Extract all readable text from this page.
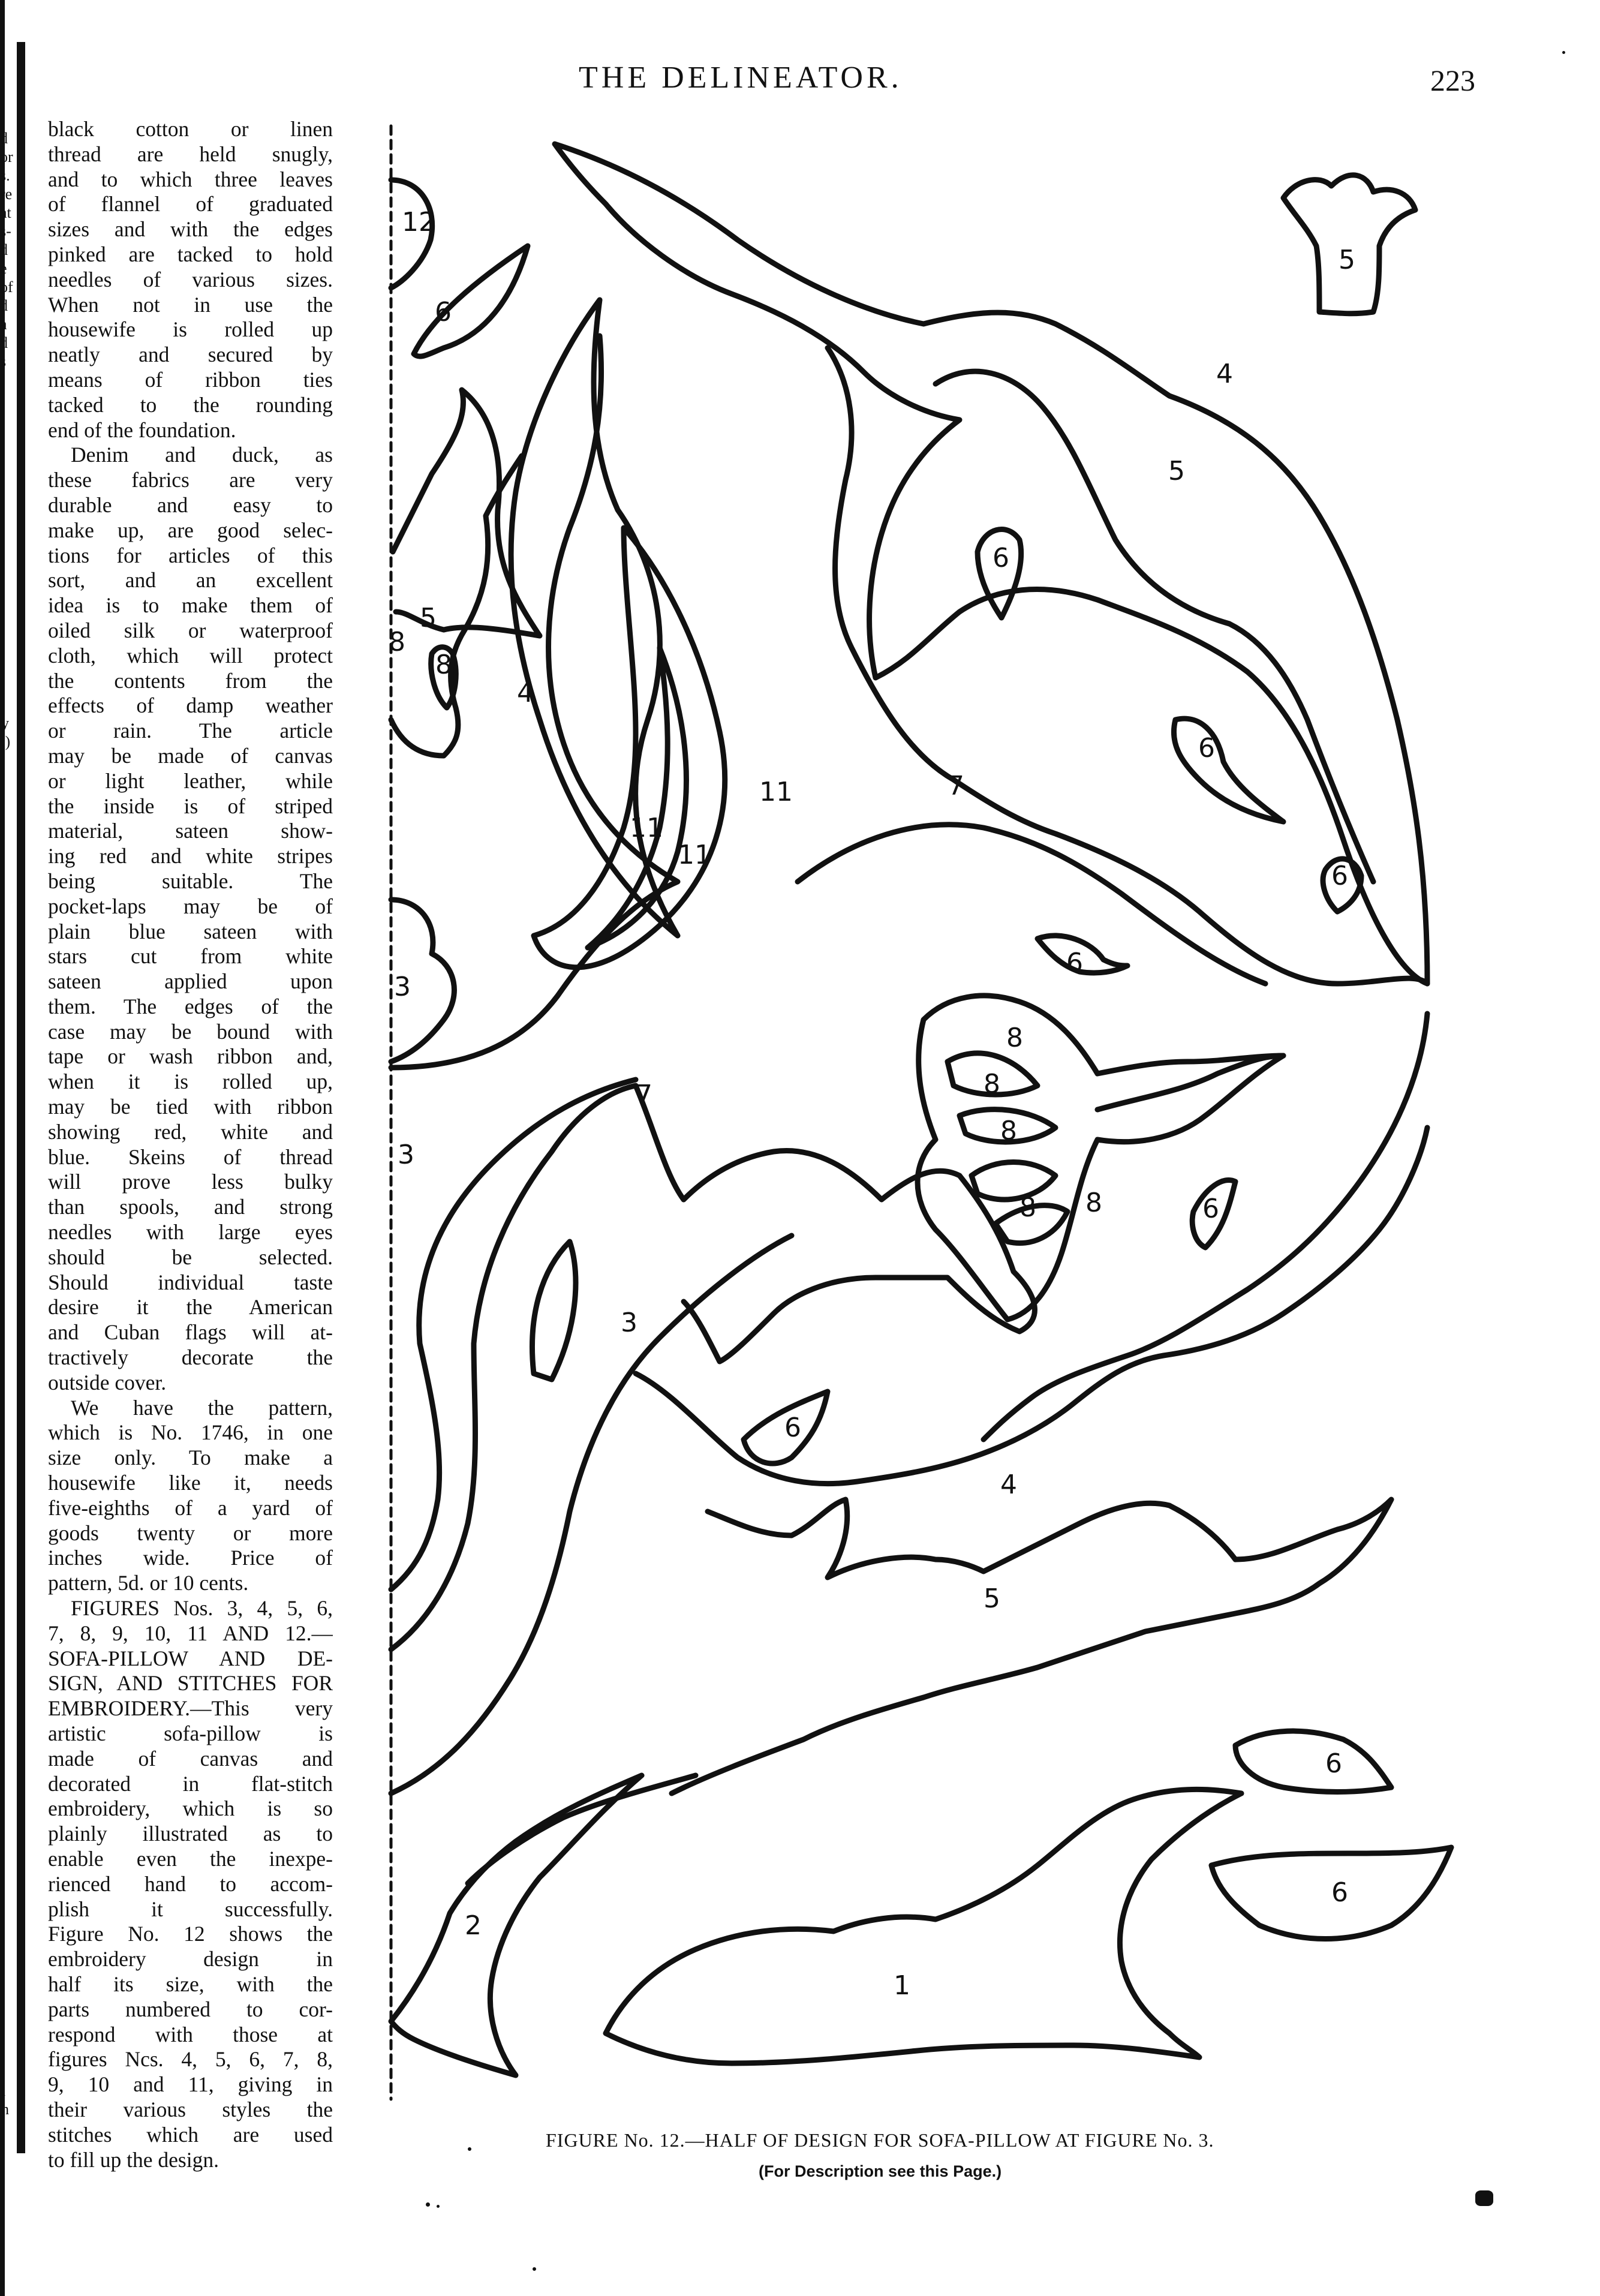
d
or
s.
re
at
s-
d
e
of
d
a
d
s
y
.)
l
h
THE DELINEATOR.	223
black cotton or linen
thread are held snugly,
and to which three leaves
of flannel of graduated
sizes and with the edges
pinked are tacked to hold
needles of various sizes.
When not in use the
housewife is rolled up
neatly and secured by
means of ribbon ties
tacked to the rounding
end of the foundation.
Denim and duck, as
these fabrics are very
durable and easy to
make up, are good selec-
tions for articles of this
sort, and an excellent
idea is to make them of
oiled silk or waterproof
cloth, which will protect
the contents from the
effects of damp weather
or rain. The article
may be made of canvas
or light leather, while
the inside is of striped
material, sateen show-
ing red and white stripes
being suitable. The
pocket-laps may be of
plain blue sateen with
stars cut from white
sateen applied upon
them. The edges of the
case may be bound with
tape or wash ribbon and,
when it is rolled up,
may be tied with ribbon
showing red, white and
blue. Skeins of thread
will prove less bulky
than spools, and strong
needles with large eyes
should be selected.
Should individual taste
desire it the American
and Cuban flags will at-
tractively decorate the
outside cover.
We have the pattern,
which is No. 1746, in one
size only. To make a
housewife like it, needs
five-eighths of a yard of
goods twenty or more
inches wide. Price of
pattern, 5d. or 10 cents.
FIGURES Nos. 3, 4, 5, 6,
7, 8, 9, 10, 11 AND 12.—
SOFA-PILLOW AND DE-
SIGN, AND STITCHES FOR
EMBROIDERY.—This very
artistic sofa-pillow is
made of canvas and
decorated in flat-stitch
embroidery, which is so
plainly illustrated as to
enable even the inexpe-
rienced hand to accom-
plish it successfully.
Figure No. 12 shows the
embroidery design in
half its size, with the
parts numbered to cor-
respond with those at
figures Ncs. 4, 5, 6, 7, 8,
9, 10 and 11, giving in
their various styles the
stitches which are used
to fill up the design.
12
6
5
4
5
6
5
8
8
4
11
11
11
7
6
6
3
6
8
8
8
8 8	6
3
7
3
6
4
5
6
6
2
1
FIGURE No. 12.—HALF OF DESIGN FOR SOFA-PILLOW AT FIGURE No. 3.
(For Description see this Page.)
